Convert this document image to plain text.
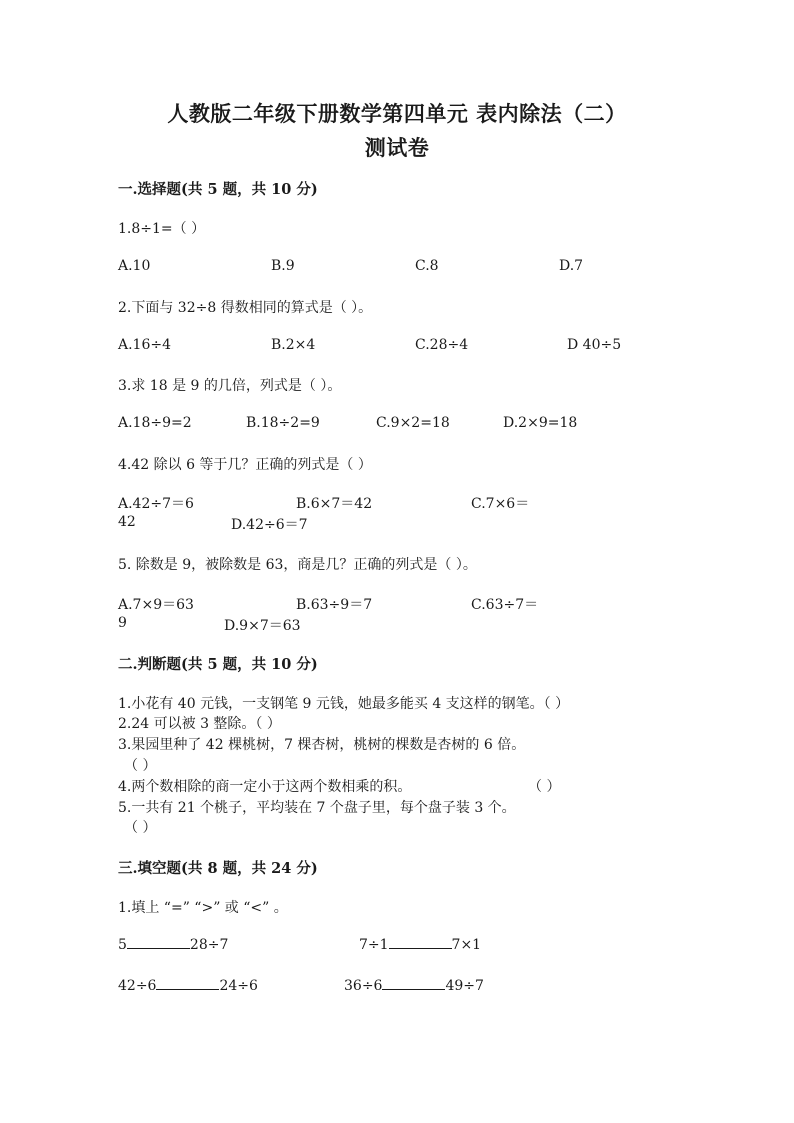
人教版二年级下册数学第四单元 表内除法（二）
测试卷
一.选择题(共 5 题，共 10 分)
1.8÷1=（ ）
A.10	B.9	C.8	D.7
2.下面与 32÷8 得数相同的算式是（ ）。
A.16÷4	B.2×4	C.28÷4	D 40÷5
3.求 18 是 9 的几倍，列式是（ ）。
A.18÷9=2	B.18÷2=9	C.9×2=18	D.2×9=18
4.42 除以 6 等于几？正确的列式是（ ）
A.42÷7＝6	B.6×7＝42	C.7×6＝
42	D.42÷6＝7
5. 除数是 9，被除数是 63，商是几？正确的列式是（ ）。
A.7×9＝63	B.63÷9＝7	C.63÷7＝
9	D.9×7＝63
二.判断题(共 5 题，共 10 分)
1.小花有 40 元钱，一支钢笔 9 元钱，她最多能买 4 支这样的钢笔。（ ）
2.24 可以被 3 整除。（ ）
3.果园里种了 42 棵桃树，7 棵杏树，桃树的棵数是杏树的 6 倍。
（ ）
4.两个数相除的商一定小于这两个数相乘的积。	（ ）
5.一共有 21 个桃子，平均装在 7 个盘子里，每个盘子装 3 个。
（ ）
三.填空题(共 8 题，共 24 分)
1.填上 “=” “>” 或 “<” 。
5	28÷7	7÷1	7×1
42÷6	24÷6	36÷6	49÷7
